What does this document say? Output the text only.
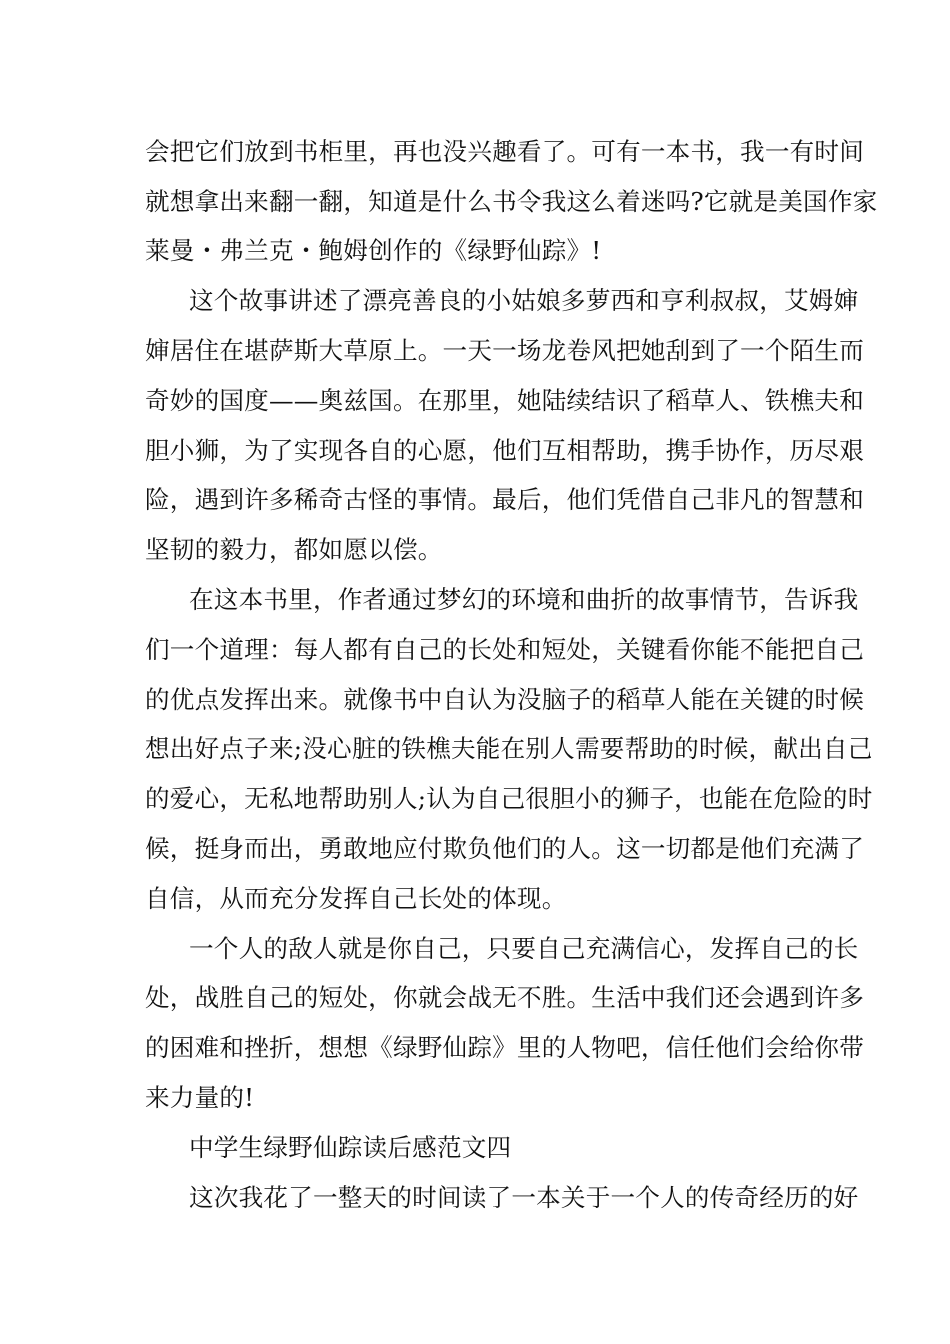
会把它们放到书柜里，再也没兴趣看了。可有一本书，我一有时间
就想拿出来翻一翻，知道是什么书令我这么着迷吗?它就是美国作家
莱曼・弗兰克・鲍姆创作的《绿野仙踪》!
这个故事讲述了漂亮善良的小姑娘多萝西和亨利叔叔，艾姆婶
婶居住在堪萨斯大草原上。一天一场龙卷风把她刮到了一个陌生而
奇妙的国度——奥兹国。在那里，她陆续结识了稻草人、铁樵夫和
胆小狮，为了实现各自的心愿，他们互相帮助，携手协作，历尽艰
险，遇到许多稀奇古怪的事情。最后，他们凭借自己非凡的智慧和
坚韧的毅力，都如愿以偿。
在这本书里，作者通过梦幻的环境和曲折的故事情节，告诉我
们一个道理：每人都有自己的长处和短处，关键看你能不能把自己
的优点发挥出来。就像书中自认为没脑子的稻草人能在关键的时候
想出好点子来;没心脏的铁樵夫能在别人需要帮助的时候，献出自己
的爱心，无私地帮助别人;认为自己很胆小的狮子，也能在危险的时
候，挺身而出，勇敢地应付欺负他们的人。这一切都是他们充满了
自信，从而充分发挥自己长处的体现。
一个人的敌人就是你自己，只要自己充满信心，发挥自己的长
处，战胜自己的短处，你就会战无不胜。生活中我们还会遇到许多
的困难和挫折，想想《绿野仙踪》里的人物吧，信任他们会给你带
来力量的!
中学生绿野仙踪读后感范文四
这次我花了一整天的时间读了一本关于一个人的传奇经历的好
